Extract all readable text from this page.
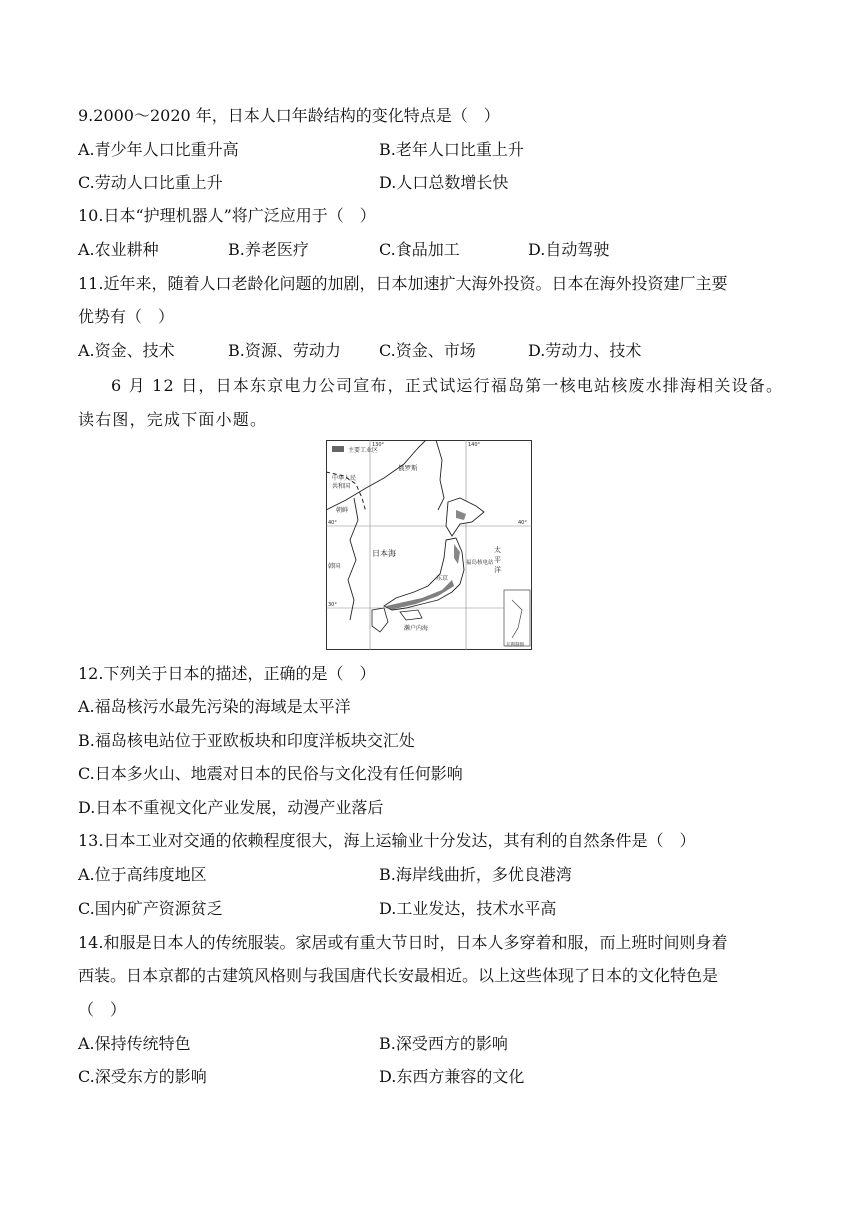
9.2000～2020 年，日本人口年龄结构的变化特点是（　）
A.青少年人口比重升高	B.老年人口比重上升
C.劳动人口比重上升	D.人口总数增长快
10.日本“护理机器人”将广泛应用于（　）
A.农业耕种	B.养老医疗	C.食品加工	D.自动驾驶
11.近年来，随着人口老龄化问题的加剧，日本加速扩大海外投资。日本在海外投资建厂主要
优势有（　）
A.资金、技术	B.资源、劳动力 C.资金、市场	D.劳动力、技术
6 月 12 日，日本东京电力公司宣布，正式试运行福岛第一核电站核废水排海相关设备。
读右图，完成下面小题。
主要工业区
俄罗斯
中华人民
共和国
朝鲜
韩国
日本海	太
平
洋
福岛核电站
东京
濑户内海
40°
30°
40°
130°	140°
瓦利制图
12.下列关于日本的描述，正确的是（　）
A.福岛核污水最先污染的海域是太平洋
B.福岛核电站位于亚欧板块和印度洋板块交汇处
C.日本多火山、地震对日本的民俗与文化没有任何影响
D.日本不重视文化产业发展，动漫产业落后
13.日本工业对交通的依赖程度很大，海上运输业十分发达，其有利的自然条件是（　）
A.位于高纬度地区	B.海岸线曲折，多优良港湾
C.国内矿产资源贫乏	D.工业发达，技术水平高
14.和服是日本人的传统服装。家居或有重大节日时，日本人多穿着和服，而上班时间则身着
西装。日本京都的古建筑风格则与我国唐代长安最相近。以上这些体现了日本的文化特色是
（　）
A.保持传统特色	B.深受西方的影响
C.深受东方的影响	D.东西方兼容的文化
